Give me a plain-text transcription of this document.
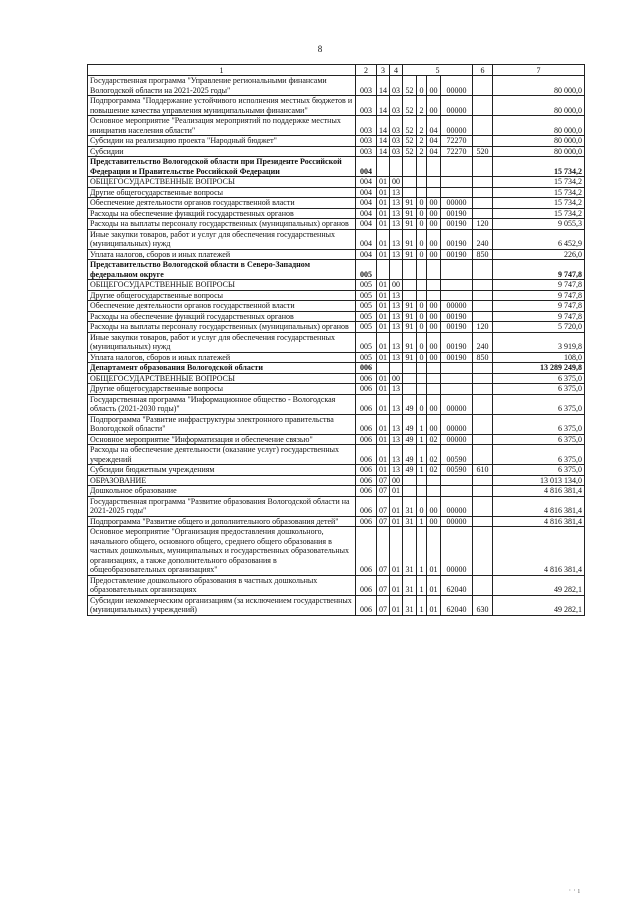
8
1	2	3	4	5				6	7
Государственная программа "Управление региональными финансами Вологодской области на 2021-2025 годы"	003	14	03	52	0	00	00000		80 000,0
Подпрограмма "Поддержание устойчивого исполнения местных бюджетов и повышение качества управления муниципальными финансами"	003	14	03	52	2	00	00000		80 000,0
Основное мероприятие "Реализация мероприятий по поддержке местных инициатив населения области"	003	14	03	52	2	04	00000		80 000,0
Субсидии на реализацию проекта "Народный бюджет"	003	14	03	52	2	04	72270		80 000,0
Субсидии	003	14	03	52	2	04	72270	520	80 000,0
Представительство Вологодской области при Президенте Российской Федерации и Правительстве Российской Федерации	004								15 734,2
ОБЩЕГОСУДАРСТВЕННЫЕ ВОПРОСЫ	004	01	00						15 734,2
Другие общегосударственные вопросы	004	01	13						15 734,2
Обеспечение деятельности органов государственной власти	004	01	13	91	0	00	00000		15 734,2
Расходы на обеспечение функций государственных органов	004	01	13	91	0	00	00190		15 734,2
Расходы на выплаты персоналу государственных (муниципальных) органов	004	01	13	91	0	00	00190	120	9 055,3
Иные закупки товаров, работ и услуг для обеспечения государственных (муниципальных) нужд	004	01	13	91	0	00	00190	240	6 452,9
Уплата налогов, сборов и иных платежей	004	01	13	91	0	00	00190	850	226,0
Представительство Вологодской области в Северо-Западном федеральном округе	005								9 747,8
ОБЩЕГОСУДАРСТВЕННЫЕ ВОПРОСЫ	005	01	00						9 747,8
Другие общегосударственные вопросы	005	01	13						9 747,8
Обеспечение деятельности органов государственной власти	005	01	13	91	0	00	00000		9 747,8
Расходы на обеспечение функций государственных органов	005	01	13	91	0	00	00190		9 747,8
Расходы на выплаты персоналу государственных (муниципальных) органов	005	01	13	91	0	00	00190	120	5 720,0
Иные закупки товаров, работ и услуг для обеспечения государственных (муниципальных) нужд	005	01	13	91	0	00	00190	240	3 919,8
Уплата налогов, сборов и иных платежей	005	01	13	91	0	00	00190	850	108,0
Департамент образования Вологодской области	006								13 289 249,8
ОБЩЕГОСУДАРСТВЕННЫЕ ВОПРОСЫ	006	01	00						6 375,0
Другие общегосударственные вопросы	006	01	13						6 375,0
Государственная программа "Информационное общество - Вологодская область (2021-2030 годы)"	006	01	13	49	0	00	00000		6 375,0
Подпрограмма "Развитие инфраструктуры электронного правительства Вологодской области"	006	01	13	49	1	00	00000		6 375,0
Основное мероприятие "Информатизация и обеспечение связью"	006	01	13	49	1	02	00000		6 375,0
Расходы на обеспечение деятельности (оказание услуг) государственных учреждений	006	01	13	49	1	02	00590		6 375,0
Субсидии бюджетным учреждениям	006	01	13	49	1	02	00590	610	6 375,0
ОБРАЗОВАНИЕ	006	07	00						13 013 134,0
Дошкольное образование	006	07	01						4 816 381,4
Государственная программа "Развитие образования Вологодской области на 2021-2025 годы"	006	07	01	31	0	00	00000		4 816 381,4
Подпрограмма "Развитие общего и дополнительного образования детей"	006	07	01	31	1	00	00000		4 816 381,4
Основное мероприятие "Организация предоставления дошкольного, начального общего, основного общего, среднего общего образования в частных дошкольных, муниципальных и государственных образовательных организациях, а также дополнительного образования в общеобразовательных организациях"	006	07	01	31	1	01	00000		4 816 381,4
Предоставление дошкольного образования в частных дошкольных образовательных организациях	006	07	01	31	1	01	62040		49 282,1
Субсидии некоммерческим организациям (за исключением государственных (муниципальных) учреждений)	006	07	01	31	1	01	62040	630	49 282,1
· · ı
